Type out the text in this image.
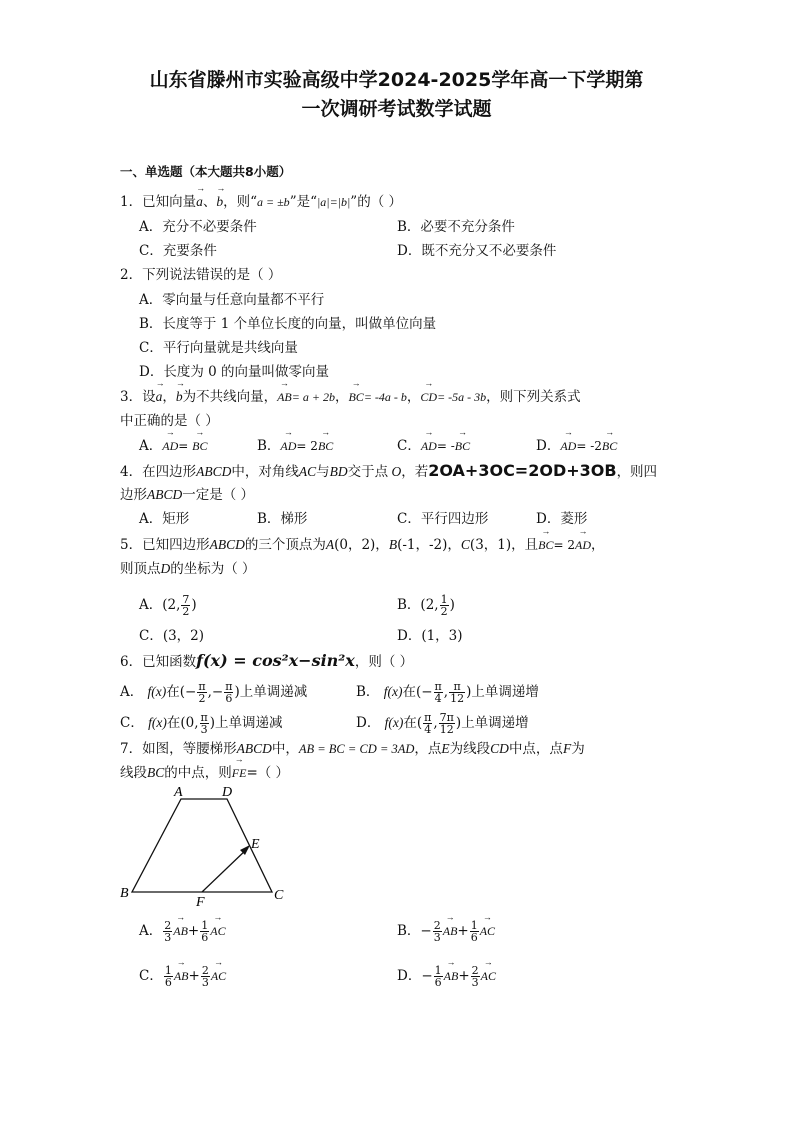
山东省滕州市实验高级中学2024-2025学年高一下学期第
一次调研考试数学试题
一、单选题（本大题共8小题）
1．已知向量→ a、→ b，则“a = ±b”是“|a|=|b|”的（ ）
A．充分不必要条件	B．必要不充分条件
C．充要条件	D．既不充分又不必要条件
2．下列说法错误的是（ ）
A．零向量与任意向量都不平行
B．长度等于 1 个单位长度的向量，叫做单位向量
C．平行向量就是共线向量
D．长度为 0 的向量叫做零向量
3．设→ a，→ b为不共线向量，→ AB= a + 2b，→ BC= -4a - b，→ CD= -5a - 3b，则下列关系式
中正确的是（ ）
A．→ AD= → BC	B．→ AD= 2→ BC	C．→ AD= -→ BC	D．→ AD= -2→ BC
4．在四边形ABCD中，对角线AC与BD交于点 O，若2OA+3OC=2OD+3OB，则四
边形ABCD一定是（ ）
A．矩形	B．梯形	C．平行四边形	D．菱形
5．已知四边形ABCD的三个顶点为A(0，2)，B(-1，-2)，C(3，1)，且→ BC= 2→ AD，
则顶点D的坐标为（ ）
A．(2, $\frac{7}{2}$ )	B．(2, $\frac{1}{2}$ )
C．(3，2)	D．(1，3)
6．已知函数f(x) = cos²x−sin²x，则（ ）
A． f(x)在(− $\frac{\pi}{2}$ ,− $\frac{\pi}{6}$ )上单调递减	B． f(x)在(− $\frac{\pi}{4}$ , $\frac{\pi}{12}$ )上单调递增
C． f(x)在(0, $\frac{\pi}{3}$ )上单调递减	D． f(x)在( $\frac{\pi}{4}$ , $\frac{7\pi}{12}$ )上单调递增
7．如图，等腰梯形ABCD中，AB = BC = CD = 3AD，点E为线段CD中点，点F为
线段BC的中点，则→ FE=（ ）
A	D
E
B	C
F
A． $\frac{2}{3}$
→ $AB+ \frac{1}{6}$
→ AC	B．− $\frac{2}{3}$
→ $AB+ \frac{1}{6}$
→ AC
C． $\frac{1}{6}$
→ $AB+ \frac{2}{3}$
→ AC	D．− $\frac{1}{6}$
→ $AB+ \frac{2}{3}$
→ AC
